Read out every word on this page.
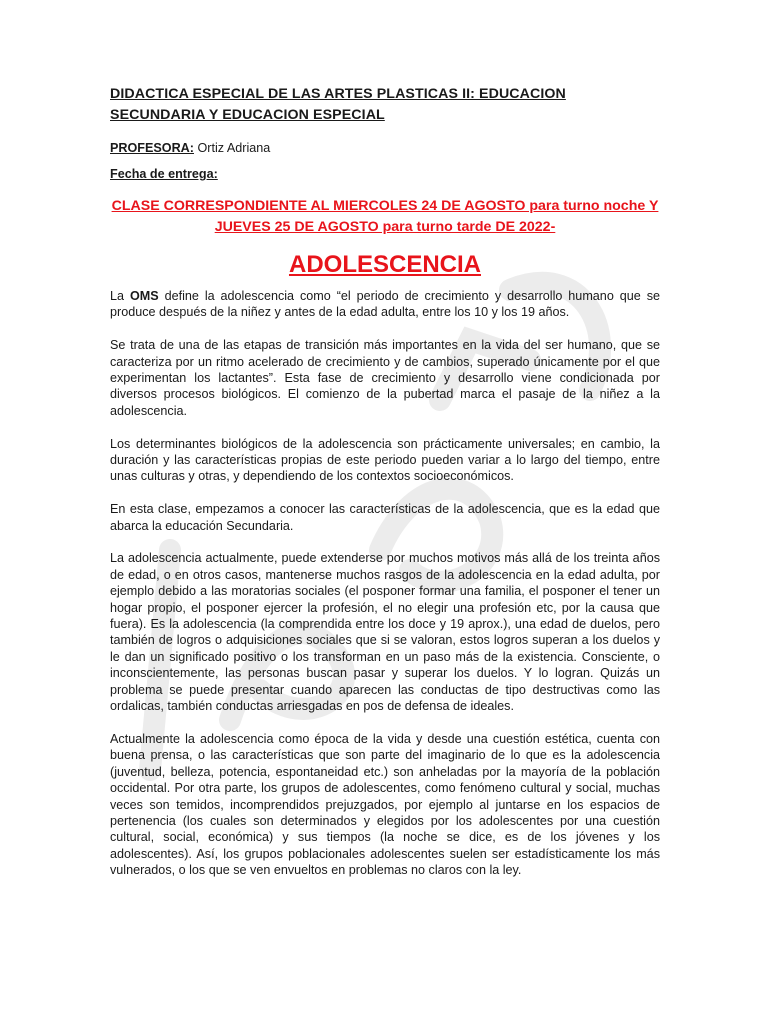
DIDACTICA ESPECIAL DE LAS ARTES PLASTICAS II: EDUCACION SECUNDARIA Y EDUCACION ESPECIAL
PROFESORA: Ortiz Adriana
Fecha de entrega:
CLASE CORRESPONDIENTE AL MIERCOLES 24 DE AGOSTO para turno noche Y JUEVES 25 DE AGOSTO para turno tarde DE 2022-
ADOLESCENCIA

La OMS define la adolescencia como “el periodo de crecimiento y desarrollo humano que se produce después de la niñez y antes de la edad adulta, entre los 10 y los 19 años.

Se trata de una de las etapas de transición más importantes en la vida del ser humano, que se caracteriza por un ritmo acelerado de crecimiento y de cambios, superado únicamente por el que experimentan los lactantes”. Esta fase de crecimiento y desarrollo viene condicionada por diversos procesos biológicos. El comienzo de la pubertad marca el pasaje de la niñez a la adolescencia.

Los determinantes biológicos de la adolescencia son prácticamente universales; en cambio, la duración y las características propias de este periodo pueden variar a lo largo del tiempo, entre unas culturas y otras, y dependiendo de los contextos socioeconómicos.

En esta clase, empezamos a conocer las características de la adolescencia, que es la edad que abarca la educación Secundaria.

La adolescencia actualmente, puede extenderse por muchos motivos más allá de los treinta años de edad, o en otros casos, mantenerse muchos rasgos de la adolescencia en la edad adulta, por ejemplo debido a las moratorias sociales (el posponer formar una familia, el posponer el tener un hogar propio, el posponer ejercer la profesión, el no elegir una profesión etc, por la causa que fuera). Es la adolescencia (la comprendida entre los doce y 19 aprox.), una edad de duelos, pero también de logros o adquisiciones sociales que si se valoran, estos logros superan a los duelos y le dan un significado positivo o los transforman en un paso más de la existencia. Consciente, o inconscientemente, las personas buscan pasar y superar los duelos. Y lo logran. Quizás un problema se puede presentar cuando aparecen las conductas de tipo destructivas como las ordalicas, también conductas arriesgadas en pos de defensa de ideales.

Actualmente la adolescencia como época de la vida y desde una cuestión estética, cuenta con buena prensa, o las características que son parte del imaginario de lo que es la adolescencia (juventud, belleza, potencia, espontaneidad etc.) son anheladas por la mayoría de la población occidental. Por otra parte, los grupos de adolescentes, como fenómeno cultural y social, muchas veces son temidos, incomprendidos prejuzgados, por ejemplo al juntarse en los espacios de pertenencia (los cuales son determinados y elegidos por los adolescentes por una cuestión cultural, social, económica) y sus tiempos (la noche se dice, es de los jóvenes y los adolescentes). Así, los grupos poblacionales adolescentes suelen ser estadísticamente los más vulnerados, o los que se ven envueltos en problemas no claros con la ley.
